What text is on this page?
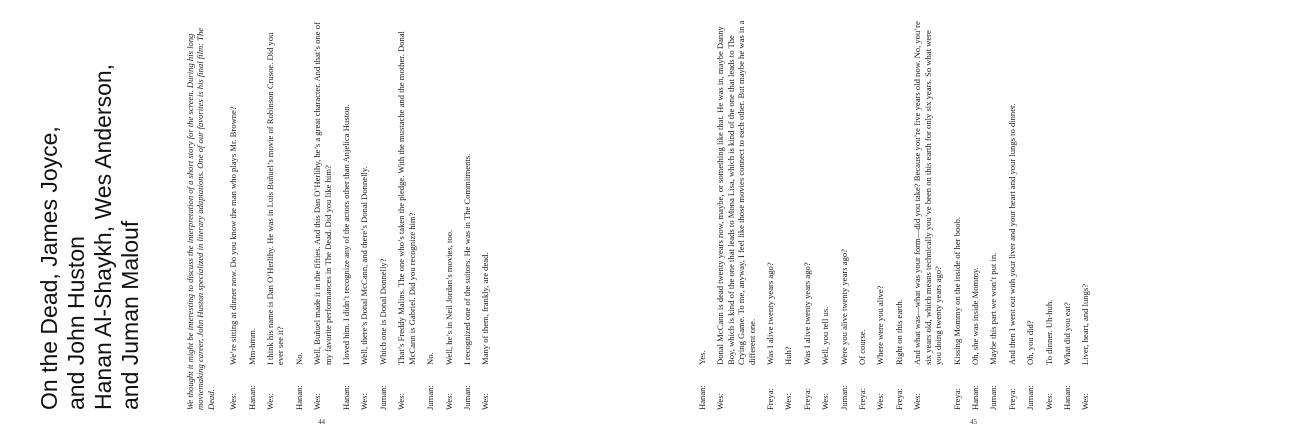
On the Dead, James Joyce, and John Huston Hanan Al-Shaykh, Wes Anderson, and Juman Malouf	We thought it might be interesting to discuss the interpretation of a short story for the screen. During his long moviemaking career, John Huston specialized in literary adaptations. One of our favorites is his final film: The Dead. Wes:
We’re sitting at dinner now. Do you know the man who plays Mr. Browne?
Hanan:
Mm-hmm.
Wes:
I think his name is Dan O’Herlihy. He was in Luis Buñuel’s movie of Robinson Crusoe. Did you ever see it?
Hanan:
No.
Wes:
Well, Buñuel made it in the fifties. And this Dan O’Herlihy, he’s a great character. And that’s one of my favorite performances in The Dead. Did you like him?
Hanan:
I loved him. I didn’t recognize any of the actors other than Anjelica Huston.
Wes:
Well, there’s Donal McCann, and there’s Donal Donnelly.
Juman:
Which one is Donal Donnelly?
Wes:
That’s Freddy Malins. The one who’s taken the pledge. With the mustache and the mother. Donal McCann is Gabriel. Did you recognize him?
Juman:
No.
Wes:
Well, he’s in Neil Jordan’s movies, too.
Juman:
I recognized one of the suitors. He was in The Commitments.
Wes:
Many of them, frankly, are dead.
44
Hanan:
Yes.
Wes:
Donal McCann is dead twenty years now, maybe, or something like that. He was in, maybe Danny Boy, which is kind of the one that leads to Mona Lisa, which is kind of the one that leads to The Crying Game. To me, anyway, I feel like those movies connect to each other. But maybe he was in a different one.
Freya:
Was I alive twenty years ago?
Wes:
Huh?
Freya:
Was I alive twenty years ago?
Wes:
Well, you tell us.
Juman:
Were you alive twenty years ago?
Freya:
Of course.
Wes:
Where were you alive?
Freya:
Right on this earth.
Wes:
And what was—what was your form—did you take? Because you’re five years old now. No, you’re six years old, which means technically you’ve been on this earth for only six years. So what were you doing twenty years ago?
Freya:
Kissing Mommy on the inside of her boob.
Hanan:
Oh, she was inside Mommy.
Juman:
Maybe this part we won’t put in.
Freya:
And then I went out with your liver and your heart and your lungs to dinner.
Juman:
Oh, you did?
Wes:
To dinner. Uh-huh.
Hanan:
What did you eat?
Wes:
Liver, heart, and lungs?
45
